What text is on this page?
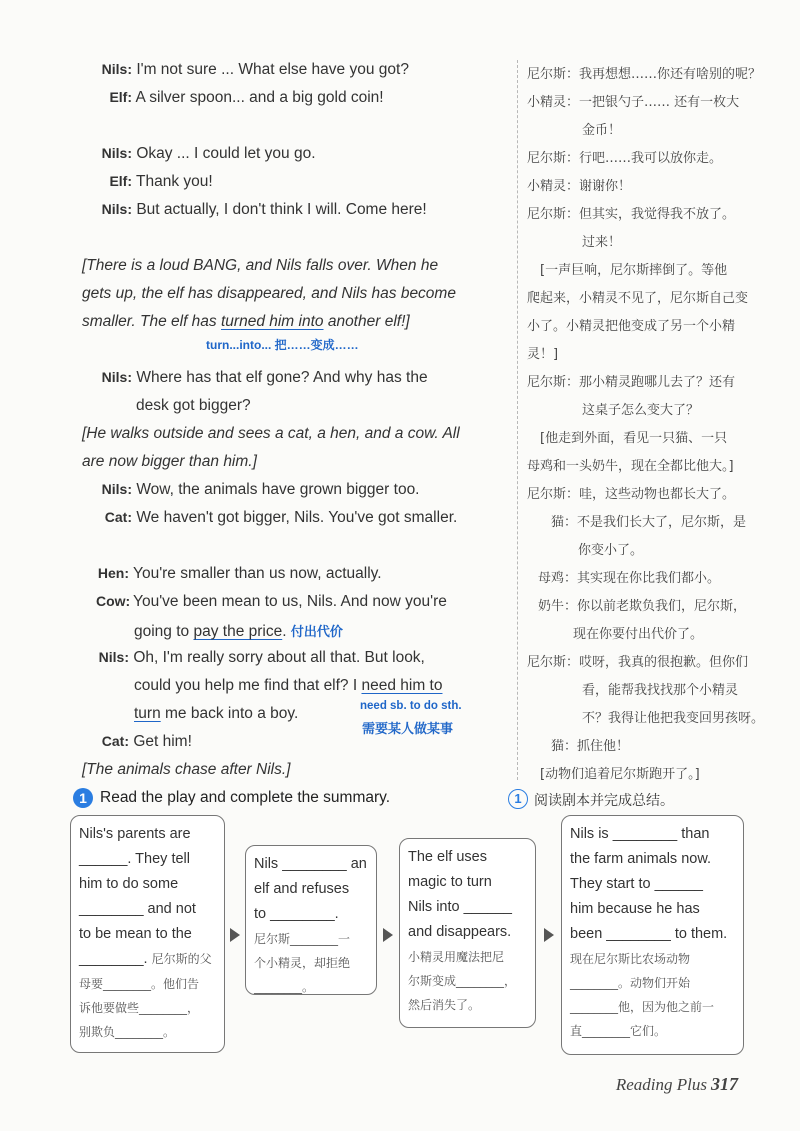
Nils: I'm not sure ... What else have you got?
Elf: A silver spoon... and a big gold coin!
Nils: Okay ... I could let you go.
Elf: Thank you!
Nils: But actually, I don't think I will. Come here!
[There is a loud BANG, and Nils falls over. When he
gets up, the elf has disappeared, and Nils has become
smaller. The elf has turned him into another elf!]
turn...into... 把……变成……
Nils: Where has that elf gone? And why has the
desk got bigger?
[He walks outside and sees a cat, a hen, and a cow. All
are now bigger than him.]
Nils: Wow, the animals have grown bigger too.
Cat: We haven't got bigger, Nils. You've got smaller.
Hen: You're smaller than us now, actually.
Cow: You've been mean to us, Nils. And now you're
going to pay the price. 付出代价
Nils: Oh, I'm really sorry about all that. But look,
could you help me find that elf? I need him to
turn me back into a boy.	need sb. to do sth.
需要某人做某事
Cat: Get him!
[The animals chase after Nils.]
尼尔斯：我再想想……你还有啥别的呢？
小精灵：一把银勺子…… 还有一枚大
金币！
尼尔斯：行吧……我可以放你走。
小精灵：谢谢你！
尼尔斯：但其实，我觉得我不放了。
过来！
[一声巨响，尼尔斯摔倒了。等他
爬起来，小精灵不见了，尼尔斯自己变
小了。小精灵把他变成了另一个小精
灵！]
尼尔斯：那小精灵跑哪儿去了？还有
这桌子怎么变大了？
[他走到外面，看见一只猫、一只
母鸡和一头奶牛，现在全都比他大。]
尼尔斯：哇，这些动物也都长大了。
猫：不是我们长大了，尼尔斯，是
你变小了。
母鸡：其实现在你比我们都小。
奶牛：你以前老欺负我们，尼尔斯，
现在你要付出代价了。
尼尔斯：哎呀，我真的很抱歉。但你们
看，能帮我找找那个小精灵
不？我得让他把我变回男孩呀。
猫：抓住他！
[动物们追着尼尔斯跑开了。]
1 Read the play and complete the summary.	1 阅读剧本并完成总结。
Nils's parents are
______. They tell
him to do some
________ and not
to be mean to the
________. 尼尔斯的父
母要________。他们告
诉他要做些________，
别欺负________。
Nils ________ an
elf and refuses
to ________.
尼尔斯________一
个小精灵，却拒绝
________。
The elf uses
magic to turn
Nils into ______
and disappears.
小精灵用魔法把尼
尔斯变成________，
然后消失了。
Nils is ________ than
the farm animals now.
They start to ______
him because he has
been ________ to them.
现在尼尔斯比农场动物
________。动物们开始
________他，因为他之前一
直________它们。
Reading Plus 317
